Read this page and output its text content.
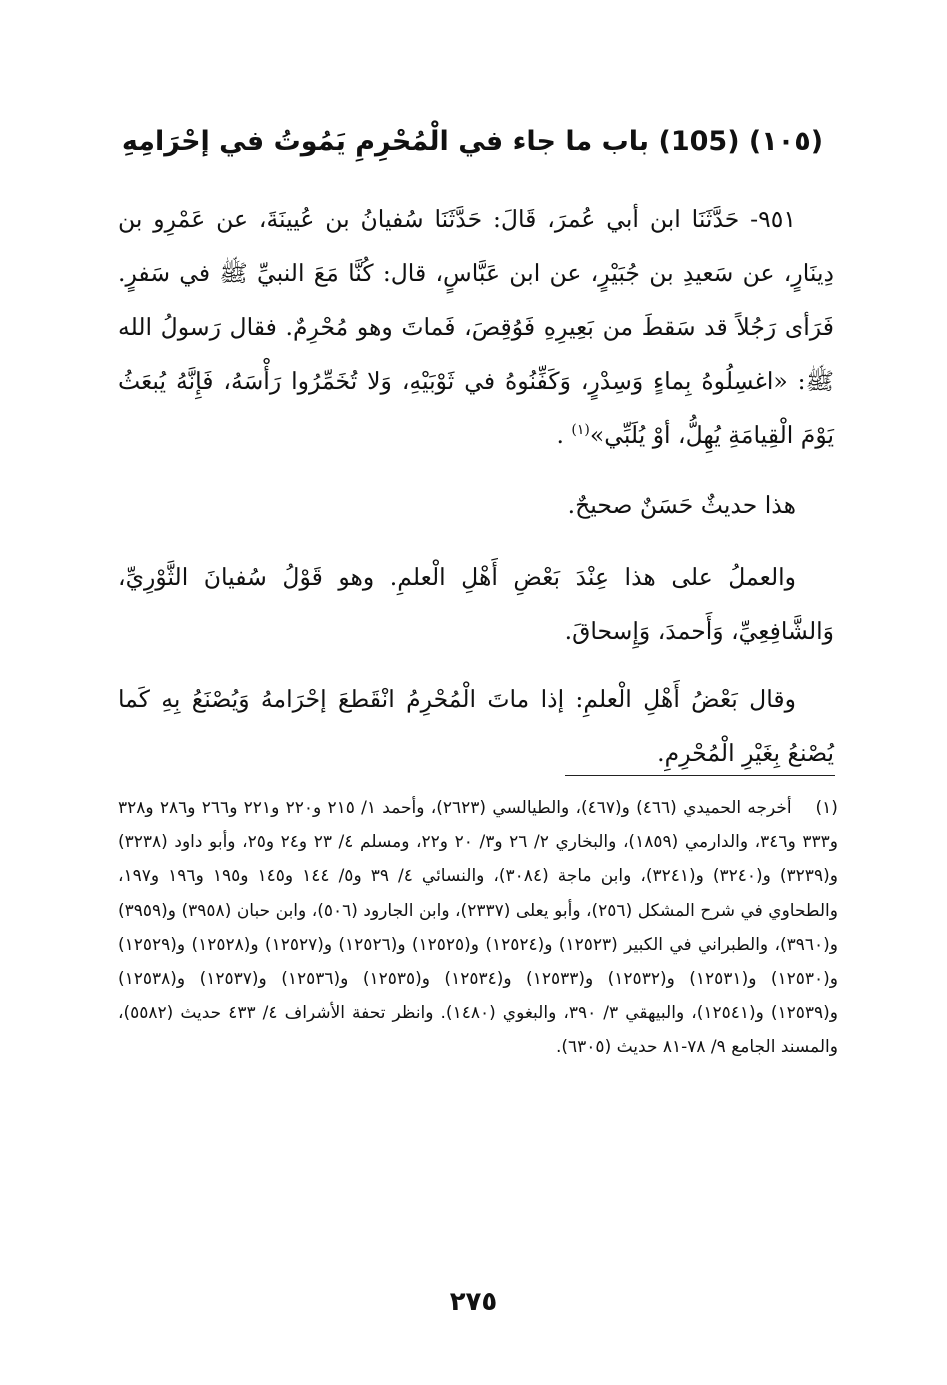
(١٠٥) (105) باب ما جاء في الْمُحْرِمِ يَمُوتُ في إحْرَامِهِ

٩٥١- حَدَّثَنَا ابن أبي عُمرَ، قَالَ: حَدَّثَنَا سُفيانُ بن عُيينَةَ، عن عَمْرِو بن دِينَارٍ، عن سَعيدِ بن جُبَيْرٍ، عن ابن عَبَّاسٍ، قال: كُنَّا مَعَ النبيِّ ﷺ في سَفرٍ. فَرَأى رَجُلاً قد سَقطَ من بَعِيرِهِ فَوُقِصَ، فَماتَ وهو مُحْرِمٌ. فقال رَسولُ الله ﷺ: «اغسِلُوهُ بِماءٍ وَسِدْرٍ، وَكَفِّنُوهُ في ثَوْبَيْهِ، وَلا تُخَمِّرُوا رَأْسَهُ، فَإِنَّهُ يُبعَثُ يَوْمَ الْقِيامَةِ يُهِلُّ، أوْ يُلَبِّي»$^{(١)}$ .

هذا حديثٌ حَسَنٌ صحيحٌ.

والعملُ على هذا عِنْدَ بَعْضِ أَهْلِ الْعلمِ. وهو قَوْلُ سُفيانَ الثَّوْرِيِّ، وَالشَّافِعِيِّ، وَأَحمدَ، وَإِسحاقَ.

وقال بَعْضُ أَهْلِ الْعلمِ: إذا ماتَ الْمُحْرِمُ انْقَطعَ إحْرَامهُ وَيُصْنَعُ بِهِ كَما يُصْنعُ بِغَيْرِ الْمُحْرِمِ.

(١) أخرجه الحميدي (٤٦٦) و(٤٦٧)، والطيالسي (٢٦٢٣)، وأحمد ١/ ٢١٥ و٢٢٠ و٢٢١ و٢٦٦ و٢٨٦ و٣٢٨ و٣٣٣ و٣٤٦، والدارمي (١٨٥٩)، والبخاري ٢/ ٢٦ و٣/ ٢٠ و٢٢، ومسلم ٤/ ٢٣ و٢٤ و٢٥، وأبو داود (٣٢٣٨) و(٣٢٣٩) و(٣٢٤٠) و(٣٢٤١)، وابن ماجة (٣٠٨٤)، والنسائي ٤/ ٣٩ و٥/ ١٤٤ و١٤٥ و١٩٥ و١٩٦ و١٩٧، والطحاوي في شرح المشكل (٢٥٦)، وأبو يعلى (٢٣٣٧)، وابن الجارود (٥٠٦)، وابن حبان (٣٩٥٨) و(٣٩٥٩) و(٣٩٦٠)، والطبراني في الكبير (١٢٥٢٣) و(١٢٥٢٤) و(١٢٥٢٥) و(١٢٥٢٦) و(١٢٥٢٧) و(١٢٥٢٨) و(١٢٥٢٩) و(١٢٥٣٠) و(١٢٥٣١) و(١٢٥٣٢) و(١٢٥٣٣) و(١٢٥٣٤) و(١٢٥٣٥) و(١٢٥٣٦) و(١٢٥٣٧) و(١٢٥٣٨) و(١٢٥٣٩) و(١٢٥٤١)، والبيهقي ٣/ ٣٩٠، والبغوي (١٤٨٠). وانظر تحفة الأشراف ٤/ ٤٣٣ حديث (٥٥٨٢)، والمسند الجامع ٩/ ٧٨-٨١ حديث (٦٣٠٥).
٢٧٥
